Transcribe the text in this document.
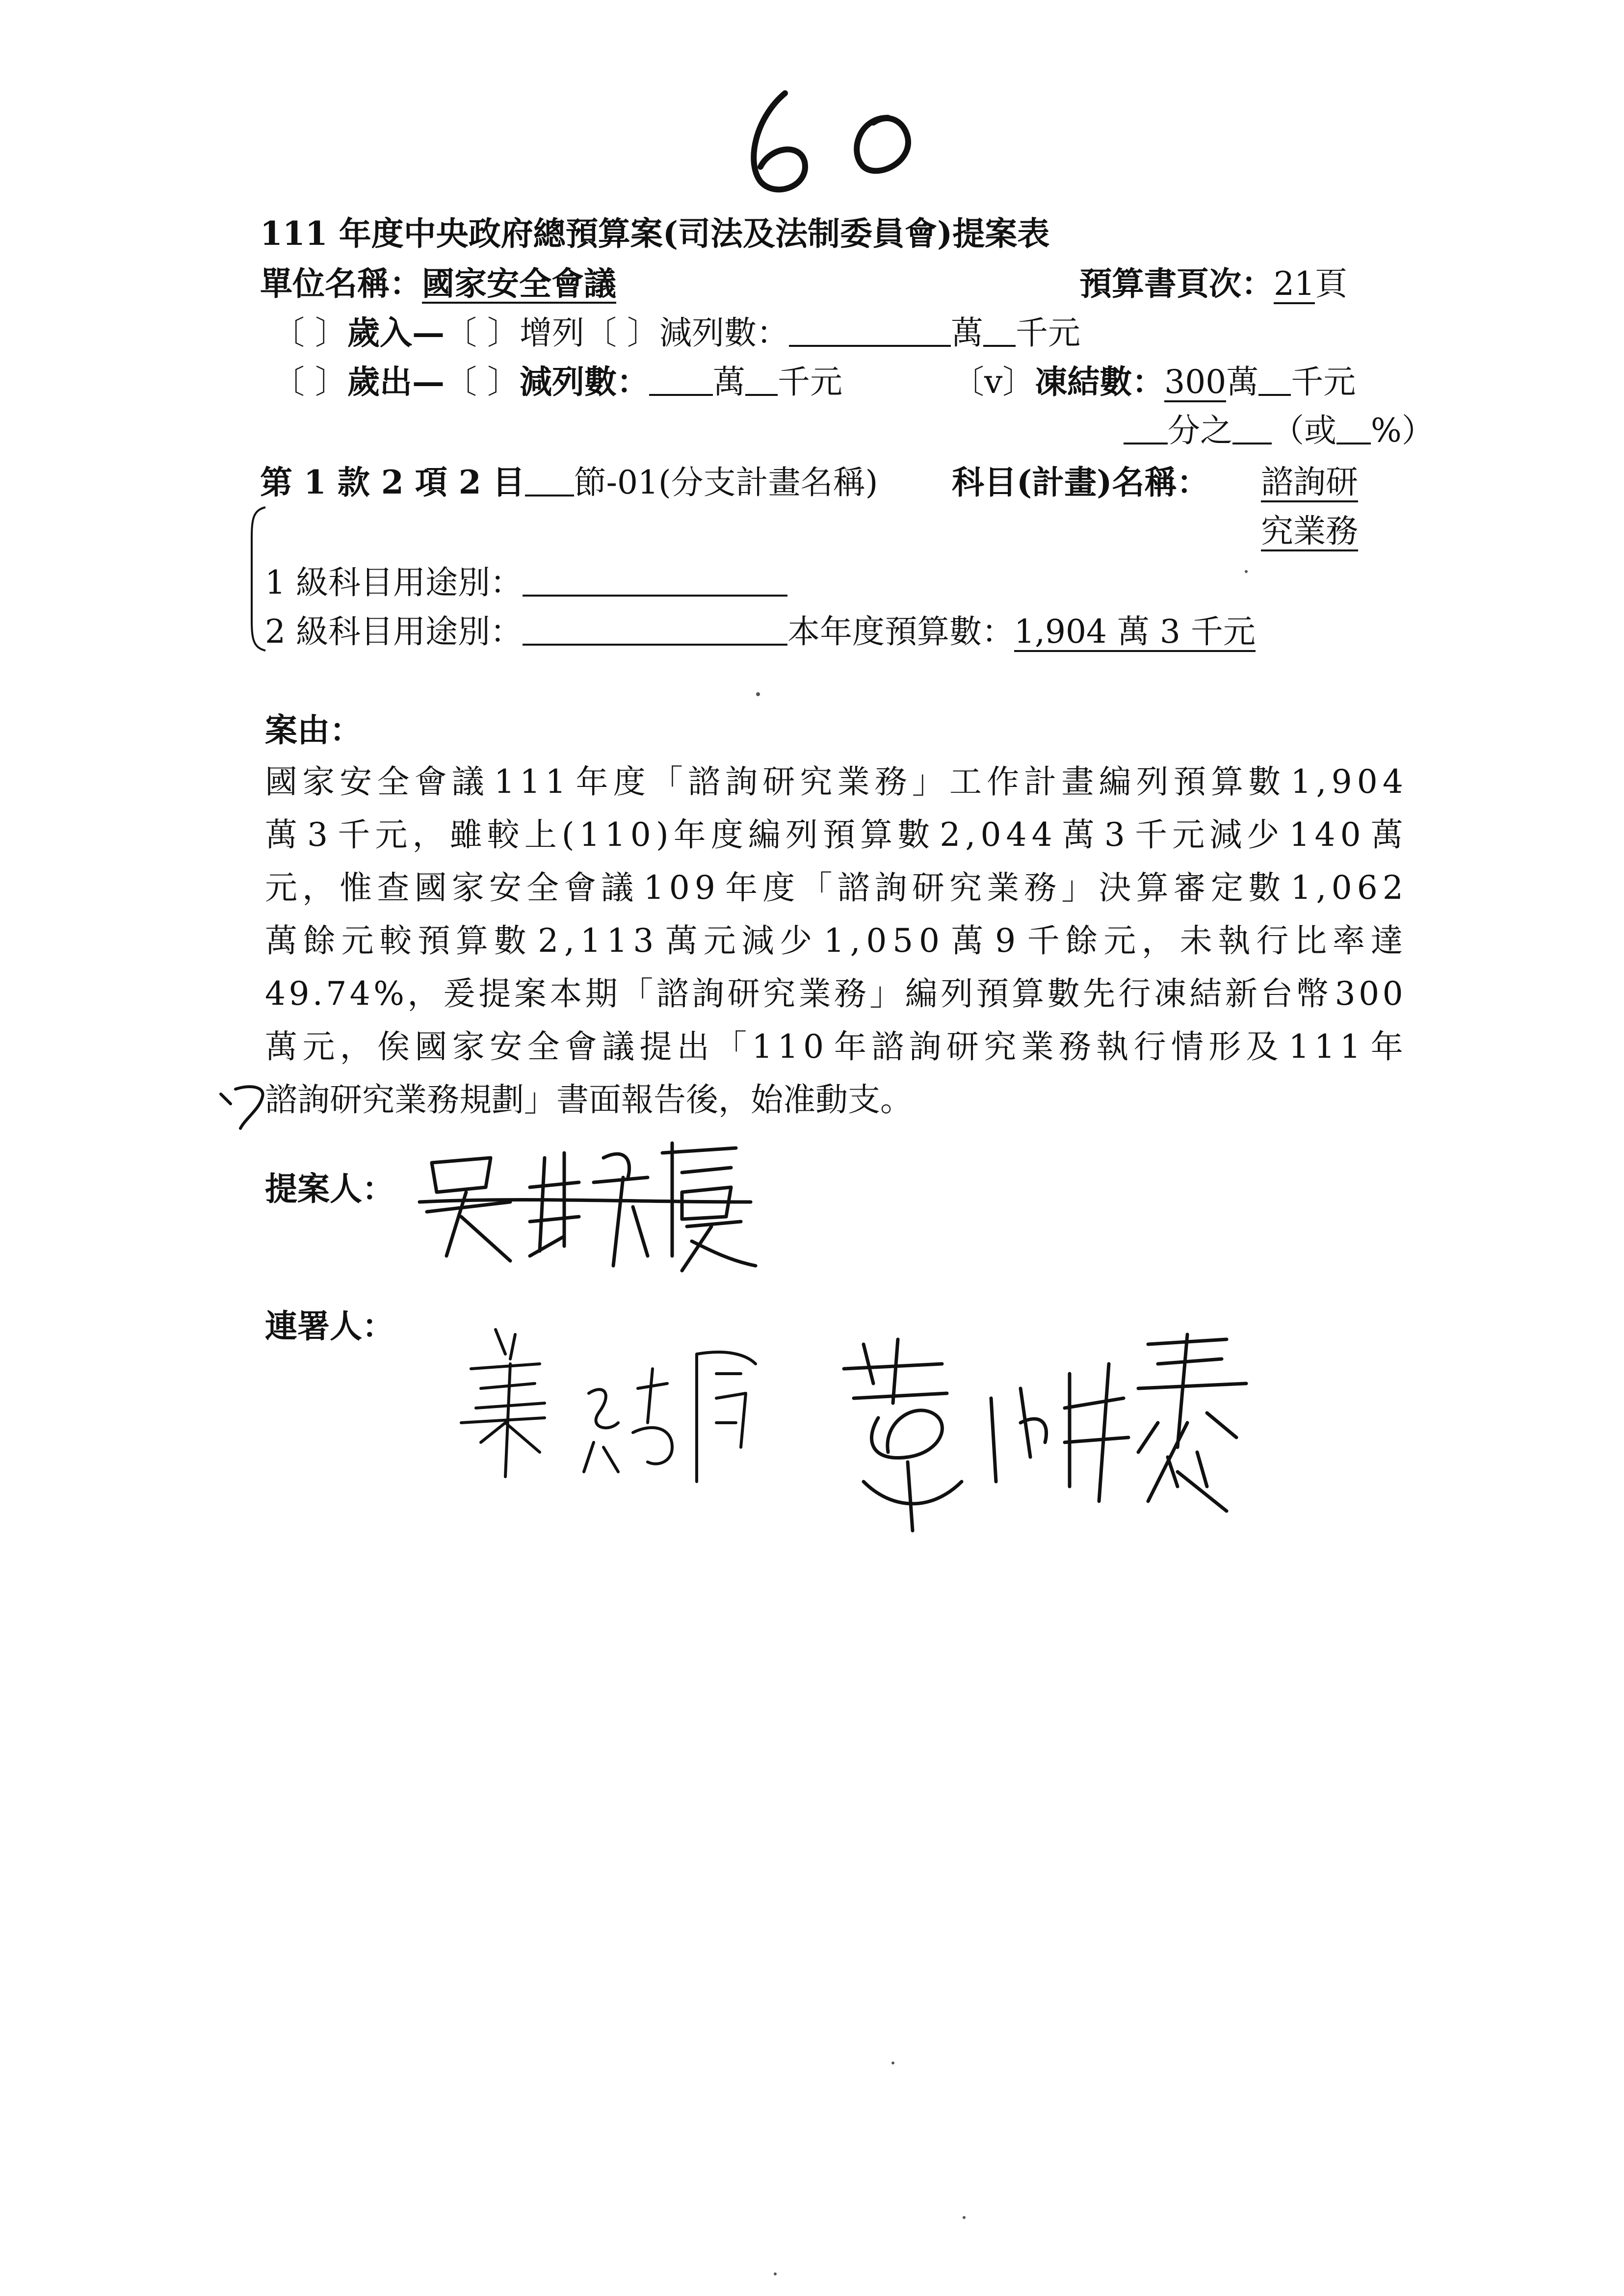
111 年度中央政府總預算案(司法及法制委員會)提案表
單位名稱：國家安全會議	預算書頁次：21頁
〔 〕歲入—〔 〕增列〔 〕減列數：	萬 千元
〔 〕歲出—〔 〕減列數： 萬 千元	〔v〕凍結數：300萬 千元
分之 （或 %）
第 1 款 2 項 2 目 節-01(分支計畫名稱) 科目(計畫)名稱： 諮詢研
究業務
1 級科目用途別：
2 級科目用途別：	本年度預算數：1,904 萬 3 千元
案由：
國 家 安 全 會 議 1 1 1 年 度 「 諮 詢 研 究 業 務 」 工 作 計 畫 編 列 預 算 數 1 , 9 0 4
萬 3 千 元 ， 雖 較 上 ( 1 1 0 ) 年 度 編 列 預 算 數 2 , 0 4 4 萬 3 千 元 減 少 1 4 0 萬
元 ， 惟 查 國 家 安 全 會 議 1 0 9 年 度 「 諮 詢 研 究 業 務 」 決 算 審 定 數 1 , 0 6 2
萬 餘 元 較 預 算 數 2 , 1 1 3 萬 元 減 少 1 , 0 5 0 萬 9 千 餘 元 ， 未 執 行 比 率 達
4 9 . 7 4 % ， 爰 提 案 本 期 「 諮 詢 研 究 業 務 」 編 列 預 算 數 先 行 凍 結 新 台 幣 3 0 0
萬 元 ， 俟 國 家 安 全 會 議 提 出 「 1 1 0 年 諮 詢 研 究 業 務 執 行 情 形 及 1 1 1 年
諮詢研究業務規劃」書面報告後，始准動支。
提案人：
連署人：
